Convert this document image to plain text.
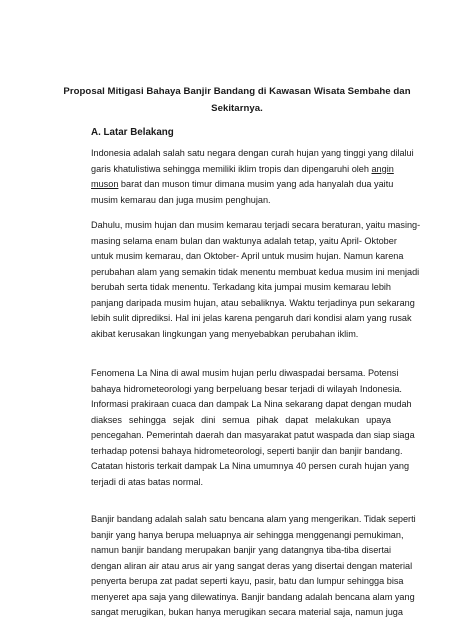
Proposal Mitigasi Bahaya Banjir Bandang di Kawasan Wisata Sembahe dan
Sekitarnya.
A. Latar Belakang
Indonesia adalah salah satu negara dengan curah hujan yang tinggi yang dilalui
garis khatulistiwa sehingga memiliki iklim tropis dan dipengaruhi oleh angin
muson barat dan muson timur dimana musim yang ada hanyalah dua yaitu
musim kemarau dan juga musim penghujan.
Dahulu, musim hujan dan musim kemarau terjadi secara beraturan, yaitu masing-
masing selama enam bulan dan waktunya adalah tetap, yaitu April- Oktober
untuk musim kemarau, dan Oktober- April untuk musim hujan. Namun karena
perubahan alam yang semakin tidak menentu membuat kedua musim ini menjadi
berubah serta tidak menentu. Terkadang kita jumpai musim kemarau lebih
panjang daripada musim hujan, atau sebaliknya. Waktu terjadinya pun sekarang
lebih sulit diprediksi. Hal ini jelas karena pengaruh dari kondisi alam yang rusak
akibat kerusakan lingkungan yang menyebabkan perubahan iklim.
Fenomena La Nina di awal musim hujan perlu diwaspadai bersama. Potensi
bahaya hidrometeorologi yang berpeluang besar terjadi di wilayah Indonesia.
Informasi prakiraan cuaca dan dampak La Nina sekarang dapat dengan mudah
diakses sehingga sejak dini semua pihak dapat melakukan upaya
pencegahan. Pemerintah daerah dan masyarakat patut waspada dan siap siaga
terhadap potensi bahaya hidrometeorologi, seperti banjir dan banjir bandang.
Catatan historis terkait dampak La Nina umumnya 40 persen curah hujan yang
terjadi di atas batas normal.
Banjir bandang adalah salah satu bencana alam yang mengerikan. Tidak seperti
banjir yang hanya berupa meluapnya air sehingga menggenangi pemukiman,
namun banjir bandang merupakan banjir yang datangnya tiba-tiba disertai
dengan aliran air atau arus air yang sangat deras yang disertai dengan material
penyerta berupa zat padat seperti kayu, pasir, batu dan lumpur sehingga bisa
menyeret apa saja yang dilewatinya. Banjir bandang adalah bencana alam yang
sangat merugikan, bukan hanya merugikan secara material saja, namun juga
